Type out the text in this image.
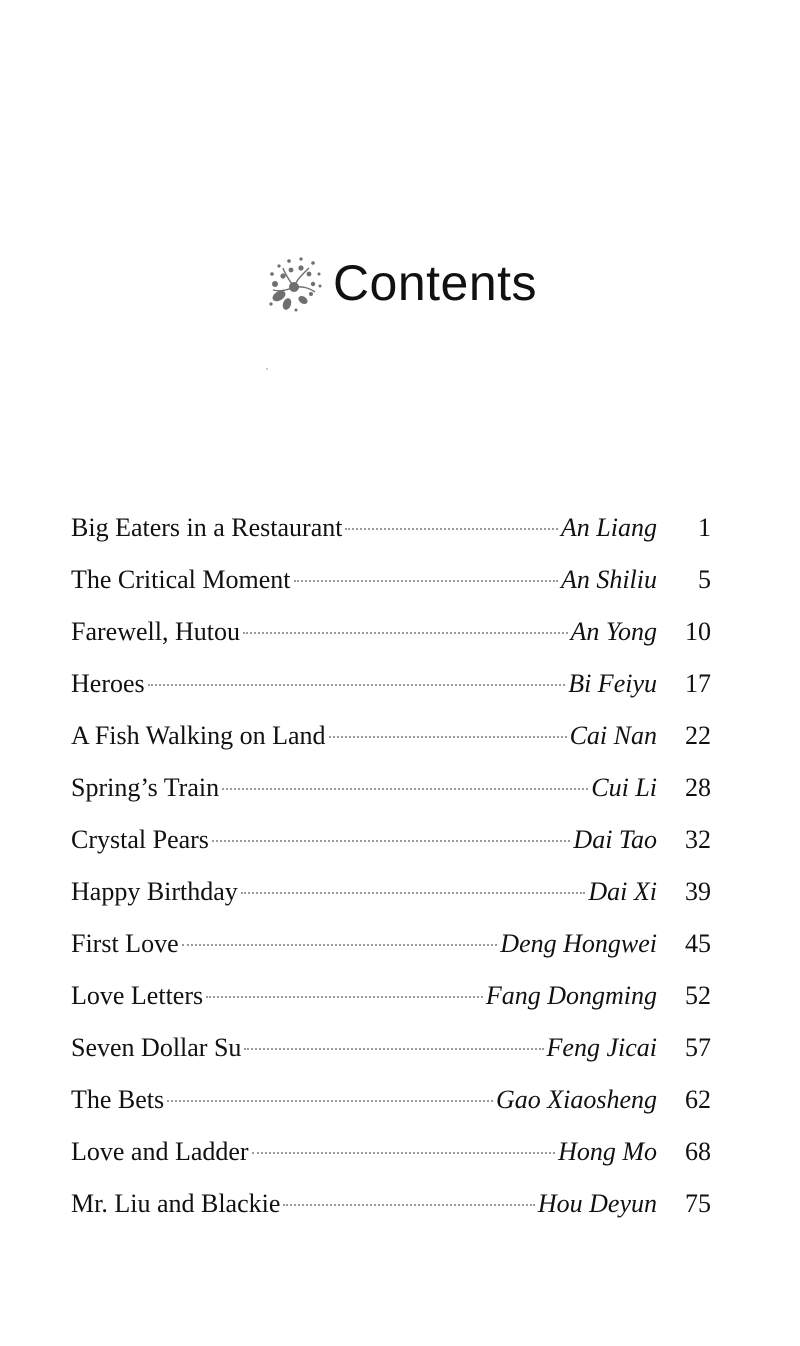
Contents
Big Eaters in a Restaurant	An Liang	1
The Critical Moment	An Shiliu	5
Farewell, Hutou	An Yong	10
Heroes	Bi Feiyu	17
A Fish Walking on Land	Cai Nan	22
Spring’s Train	Cui Li	28
Crystal Pears	Dai Tao	32
Happy Birthday	Dai Xi	39
First Love	Deng Hongwei	45
Love Letters	Fang Dongming	52
Seven Dollar Su	Feng Jicai	57
The Bets	Gao Xiaosheng	62
Love and Ladder	Hong Mo	68
Mr. Liu and Blackie	Hou Deyun	75
